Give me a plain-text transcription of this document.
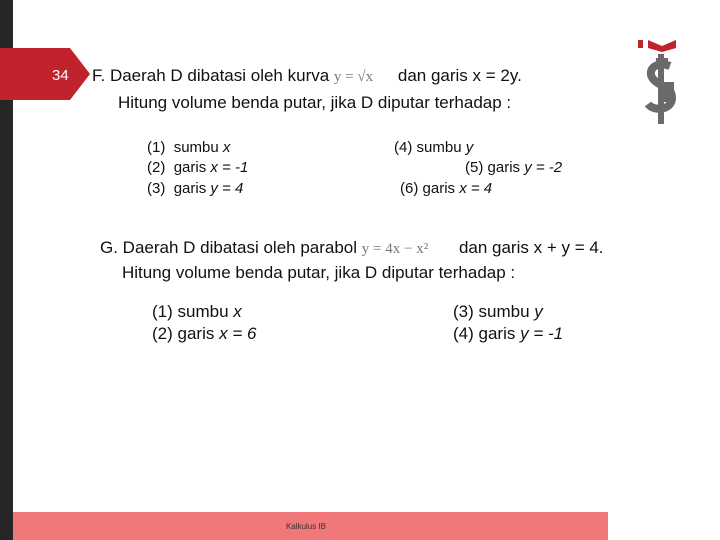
34 F. Daerah D dibatasi oleh kurva y = √x dan garis x = 2y.
Hitung volume benda putar, jika D diputar terhadap :
(1) sumbu x
(2) garis x = -1
(3) garis y = 4
(4) sumbu y
(5) garis y = -2
(6) garis x = 4
G. Daerah D dibatasi oleh parabol y = 4x − x² dan garis x + y = 4.
Hitung volume benda putar, jika D diputar terhadap :
(1) sumbu x
(2) garis x = 6
(3) sumbu y
(4) garis y = -1
Kalkulus IB
